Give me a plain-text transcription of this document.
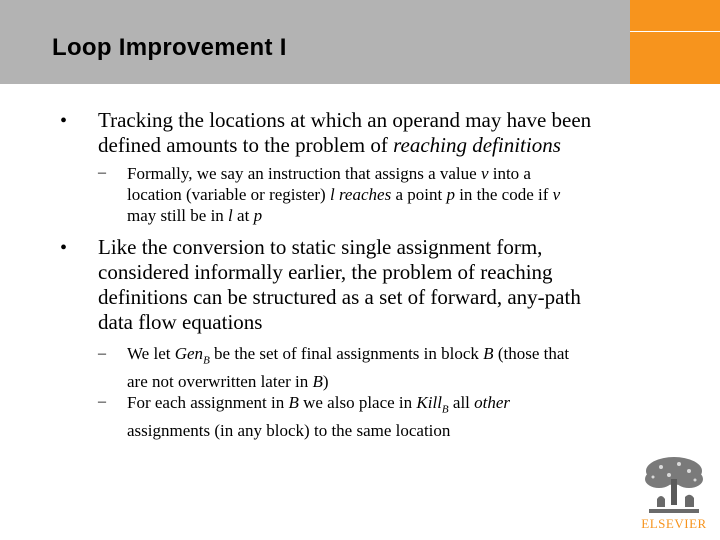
Loop Improvement I
• Tracking the locations at which an operand may have been
defined amounts to the problem of reaching definitions
– Formally, we say an instruction that assigns a value v into a
location (variable or register) l reaches a point p in the code if v
may still be in l at p
• Like the conversion to static single assignment form,
considered informally earlier, the problem of reaching
definitions can be structured as a set of forward, any-path
data flow equations
– We let Gen$_B$ be the set of final assignments in block B (those that
are not overwritten later in B)
– For each assignment in B we also place in Kill$_B$ all other
assignments (in any block) to the same location
ELSEVIER
